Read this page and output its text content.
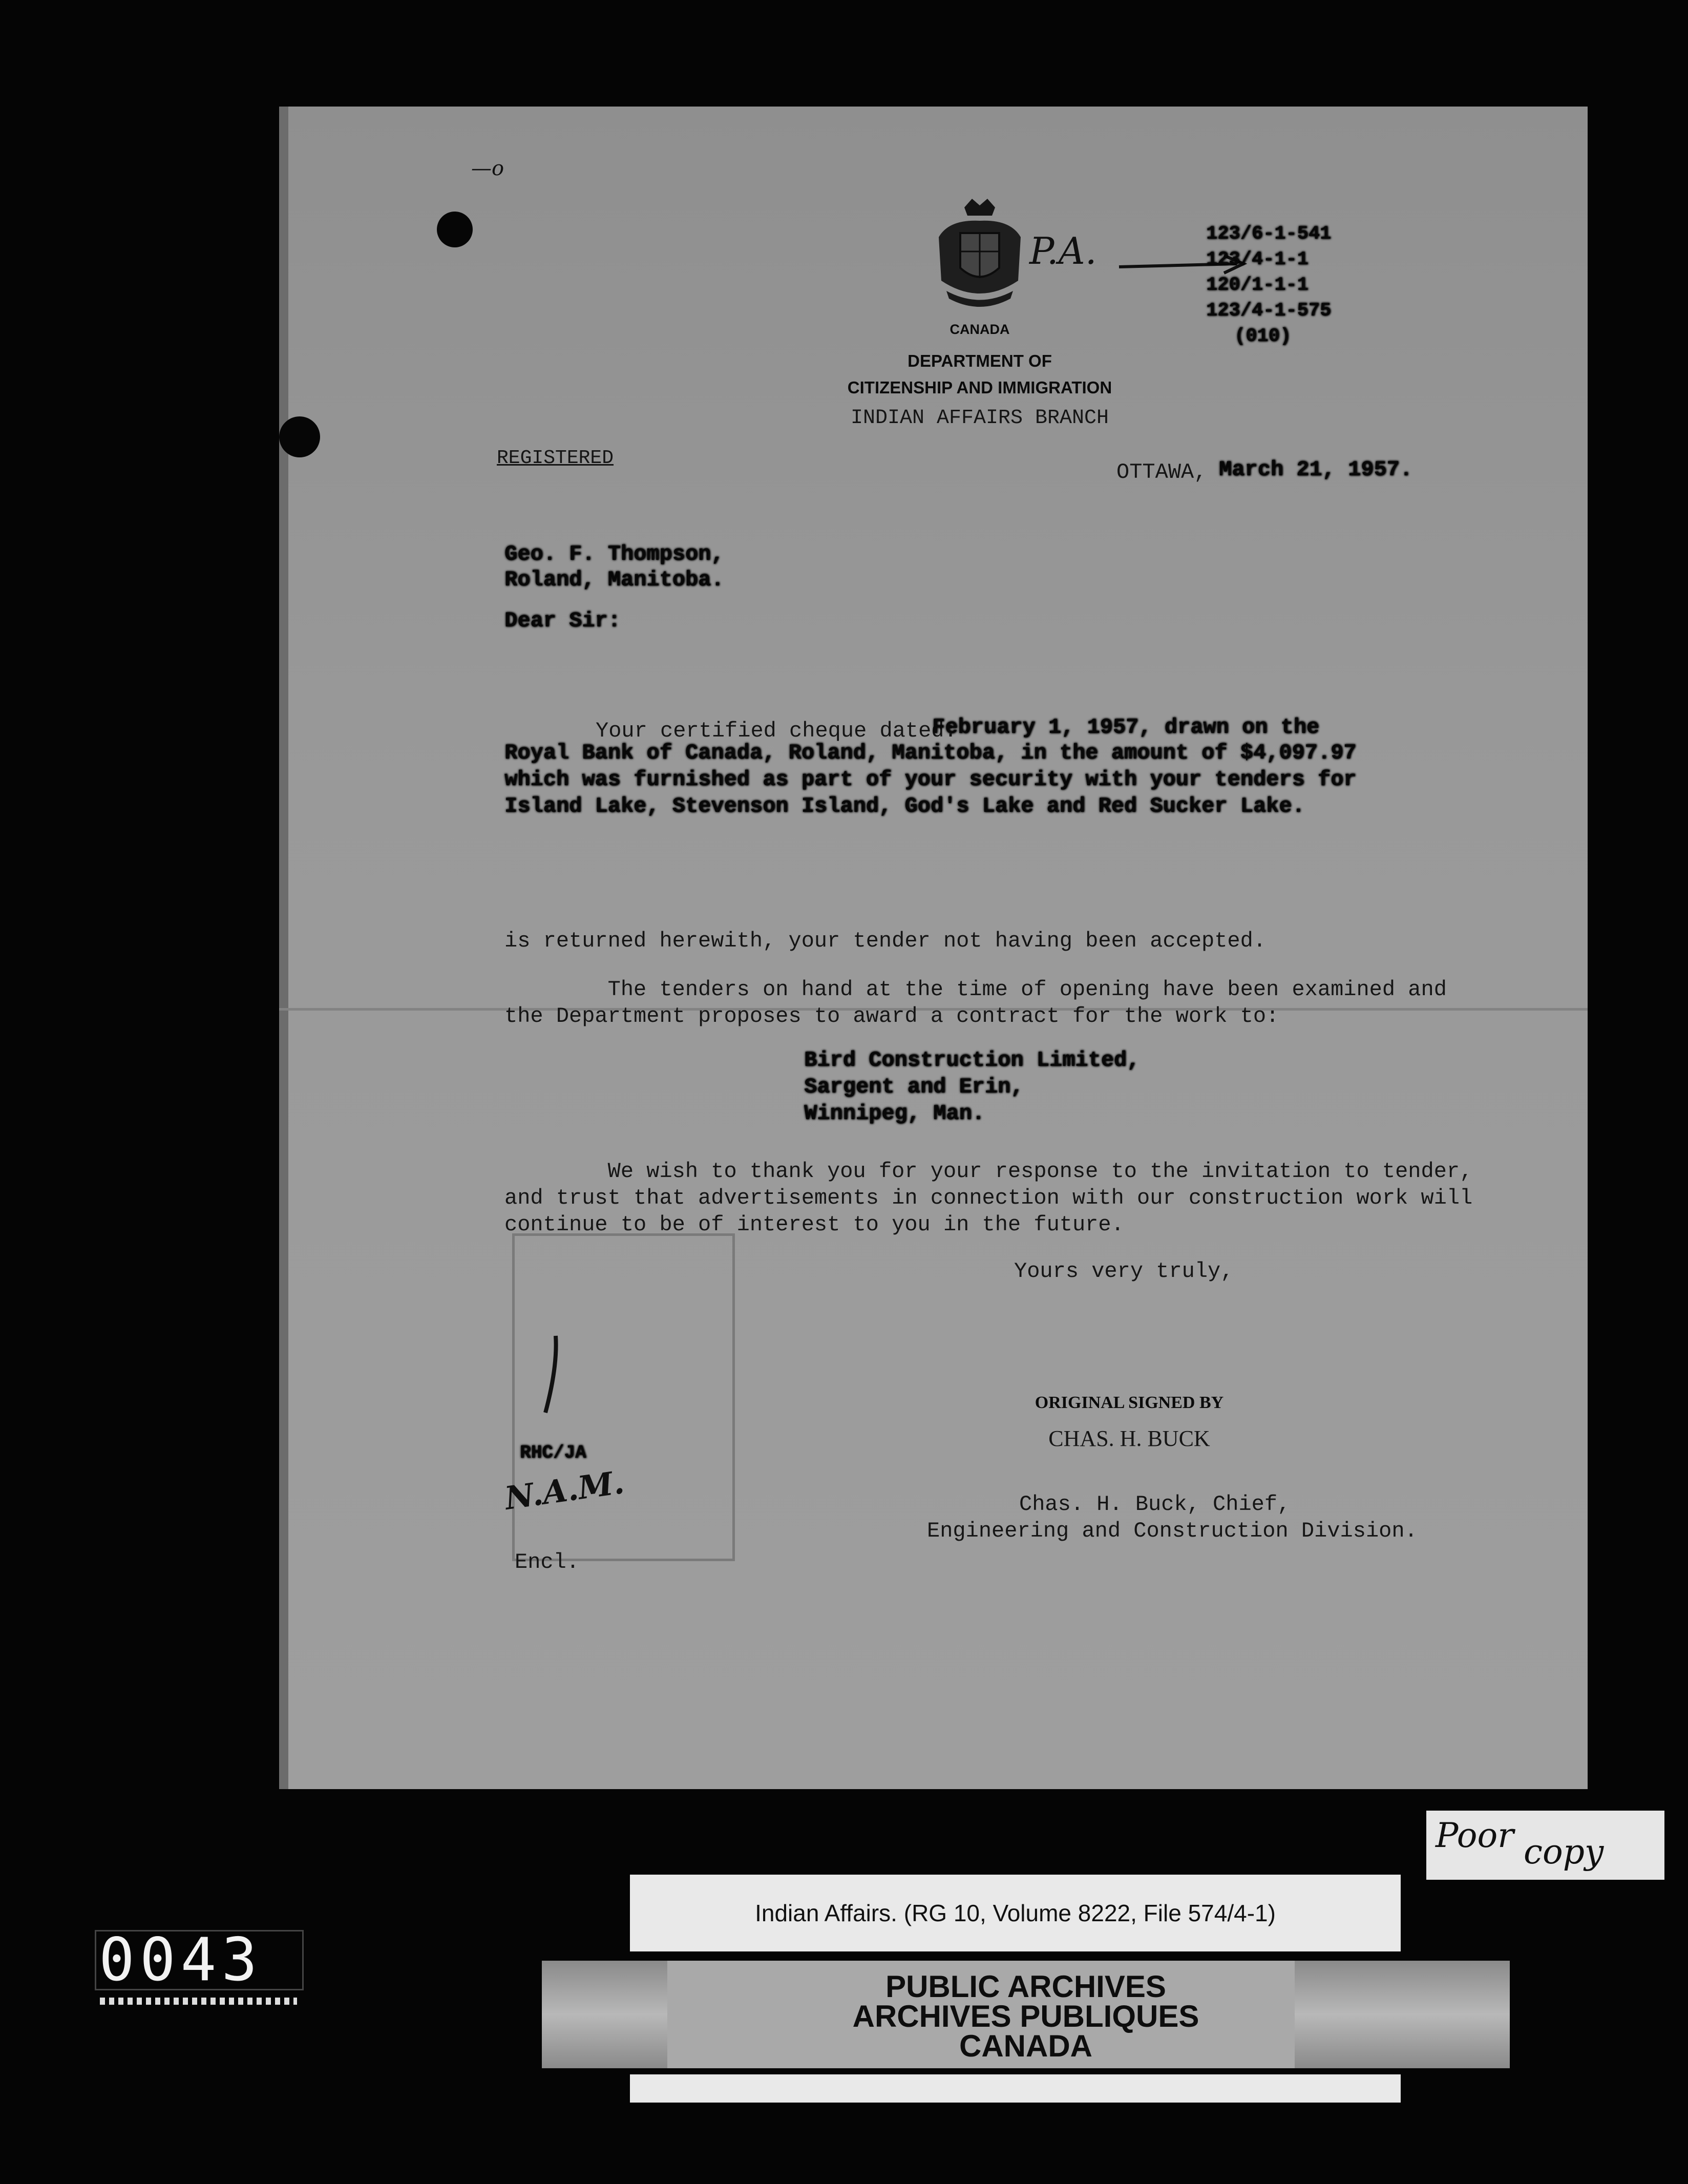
—o
CANADA
DEPARTMENT OF
CITIZENSHIP AND IMMIGRATION
INDIAN AFFAIRS BRANCH
P.A.	123/6-1-541
123/4-1-1
120/1-1-1
123/4-1-575
(010)
REGISTERED
OTTAWA, March 21, 1957.
Geo. F. Thompson,
Roland, Manitoba.
Dear Sir:
Your certified cheque dated:
February 1, 1957, drawn on the
Royal Bank of Canada, Roland, Manitoba, in the amount of $4,097.97
which was furnished as part of your security with your tenders for
Island Lake, Stevenson Island, God's Lake and Red Sucker Lake.
is returned herewith, your tender not having been accepted.
The tenders on hand at the time of opening have been examined and
the Department proposes to award a contract for the work to:
Bird Construction Limited,
Sargent and Erin,
Winnipeg, Man.
We wish to thank you for your response to the invitation to tender,
and trust that advertisements in connection with our construction work will
continue to be of interest to you in the future.
Yours very truly,
ORIGINAL SIGNED BY
CHAS. H. BUCK
Chas. H. Buck, Chief,
Engineering and Construction Division.
RHC/JA
N.A.M.
Encl.
Poor copy
0043
Indian Affairs. (RG 10, Volume 8222, File 574/4-1)
PUBLIC ARCHIVES
ARCHIVES PUBLIQUES
CANADA
